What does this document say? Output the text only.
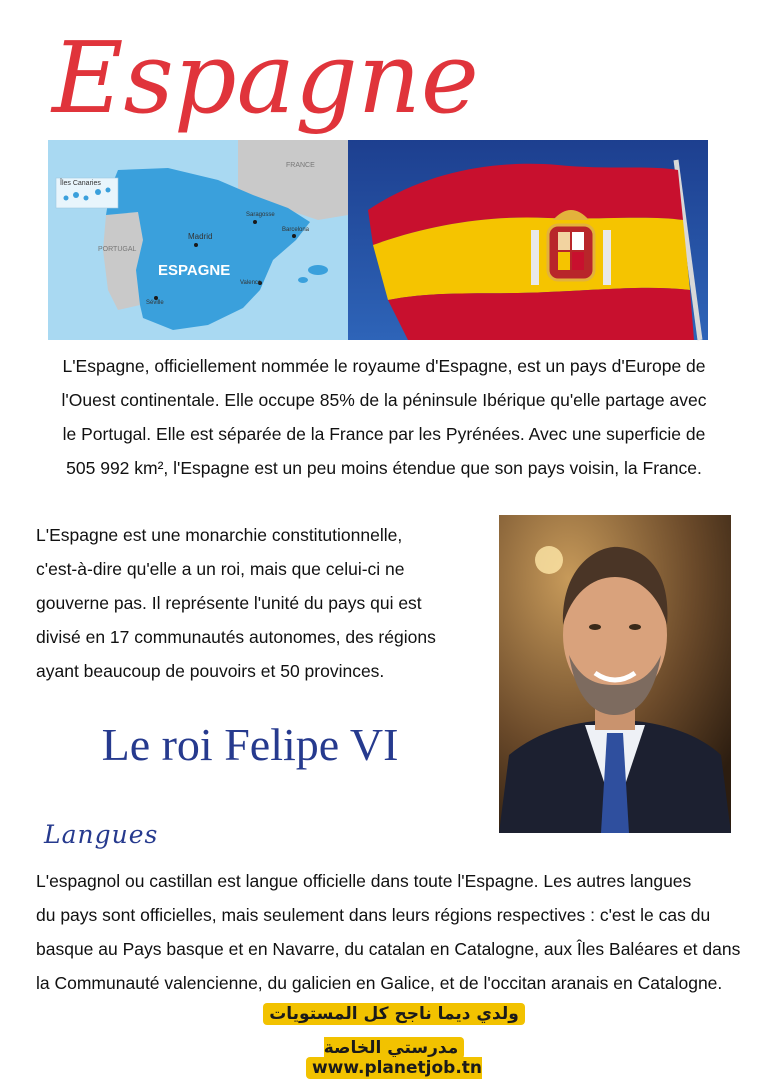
Espagne
Îles Canaries
FRANCE
PORTUGAL
Madrid
Saragosse
Barcelona
Valence
Séville
ESPAGNE
L'Espagne, officiellement nommée le royaume d'Espagne, est un pays d'Europe de
l'Ouest continentale. Elle occupe 85% de la péninsule Ibérique qu'elle partage avec
le Portugal. Elle est séparée de la France par les Pyrénées. Avec une superficie de
505 992 km², l'Espagne est un peu moins étendue que son pays voisin, la France.
L'Espagne est une monarchie constitutionnelle,
c'est-à-dire qu'elle a un roi, mais que celui-ci ne
gouverne pas. Il représente l'unité du pays qui est
divisé en 17 communautés autonomes, des régions
ayant beaucoup de pouvoirs et 50 provinces.
Le roi Felipe VI
Langues
L'espagnol ou castillan est langue officielle dans toute l'Espagne. Les autres langues
du pays sont officielles, mais seulement dans leurs régions respectives : c'est le cas du
basque au Pays basque et en Navarre, du catalan en Catalogne, aux Îles Baléares et dans
la Communauté valencienne, du galicien en Galice, et de l'occitan aranais en Catalogne.
ولدي ديما ناجح كل المستويات
مدرستي الخاصة www.planetjob.tn
